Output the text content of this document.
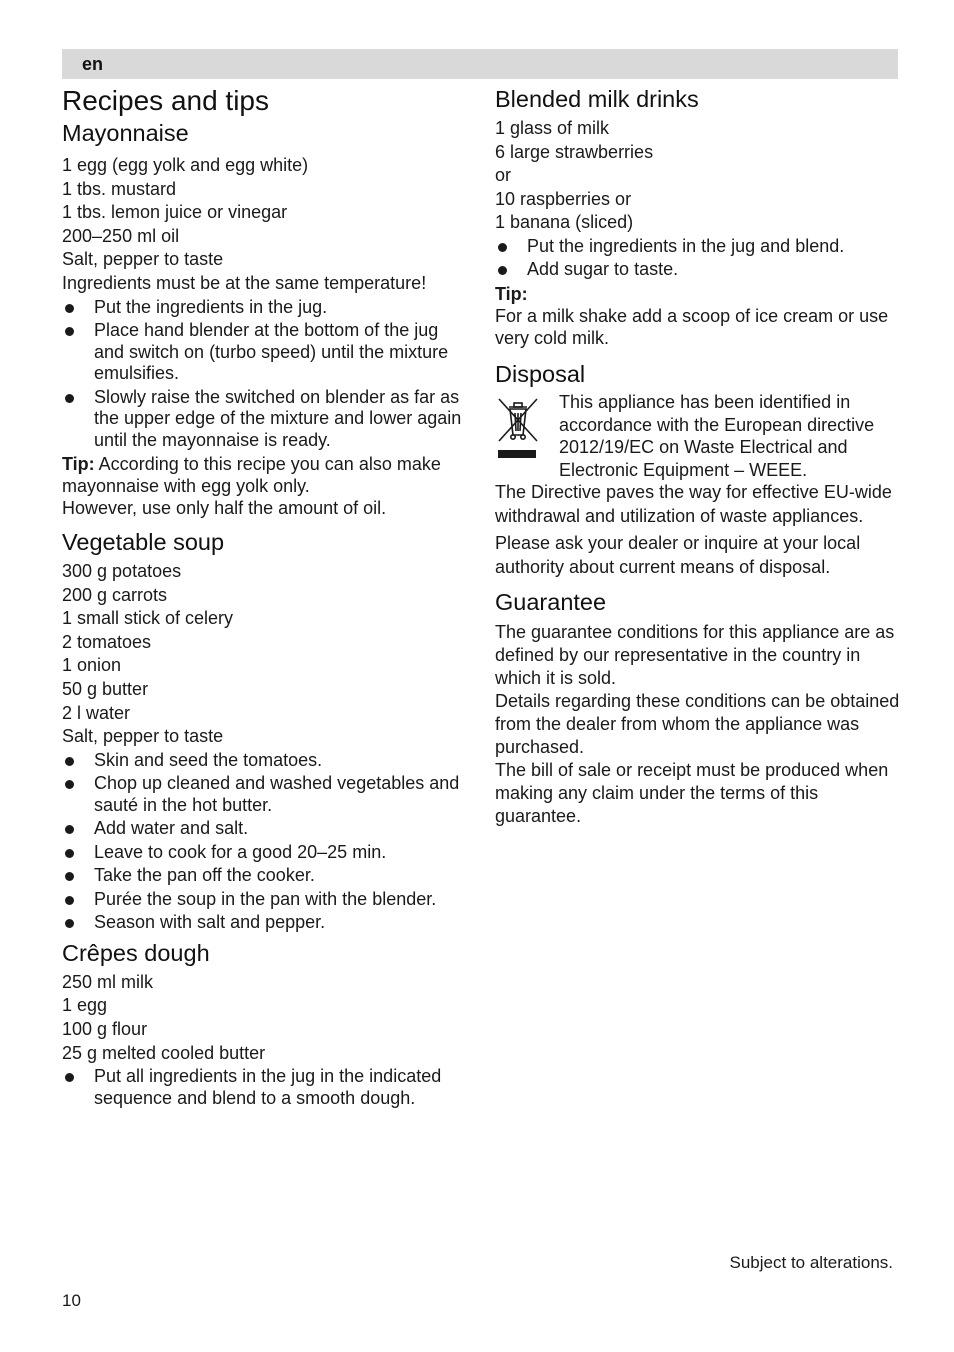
en
Recipes and tips
Mayonnaise

1 egg (egg yolk and egg white)

1 tbs. mustard

1 tbs. lemon juice or vinegar

200–250 ml oil

Salt, pepper to taste

Ingredients must be at the same temperature!

Put the ingredients in the jug.
Place hand blender at the bottom of the jug and switch on (turbo speed) until the mixture emulsifies.
Slowly raise the switched on blender as far as the upper edge of the mixture and lower again until the mayonnaise is ready.

Tip: According to this recipe you can also make mayonnaise with egg yolk only.

However, use only half the amount of oil.

Vegetable soup

300 g potatoes

200 g carrots

1 small stick of celery

2 tomatoes

1 onion

50 g butter

2 l water

Salt, pepper to taste

Skin and seed the tomatoes.
Chop up cleaned and washed vegetables and sauté in the hot butter.
Add water and salt.
Leave to cook for a good 20–25 min.
Take the pan off the cooker.
Purée the soup in the pan with the blender.
Season with salt and pepper.
Crêpes dough

250 ml milk

1 egg

100 g flour

25 g melted cooled butter

Put all ingredients in the jug in the indicated sequence and blend to a smooth dough.
Blended milk drinks

1 glass of milk

6 large strawberries

or

10 raspberries or

1 banana (sliced)

Put the ingredients in the jug and blend.
Add sugar to taste.

Tip:

For a milk shake add a scoop of ice cream or use very cold milk.

Disposal

This appliance has been identified in accordance with the European directive 2012/19/EC on Waste Electrical and Electronic Equipment – WEEE.

The Directive paves the way for effective EU-wide withdrawal and utilization of waste appliances.

Please ask your dealer or inquire at your local authority about current means of disposal.

Guarantee

The guarantee conditions for this appliance are as defined by our representative in the country in which it is sold.

Details regarding these conditions can be obtained from the dealer from whom the appliance was purchased.

The bill of sale or receipt must be produced when making any claim under the terms of this guarantee.

Subject to alterations.
10
